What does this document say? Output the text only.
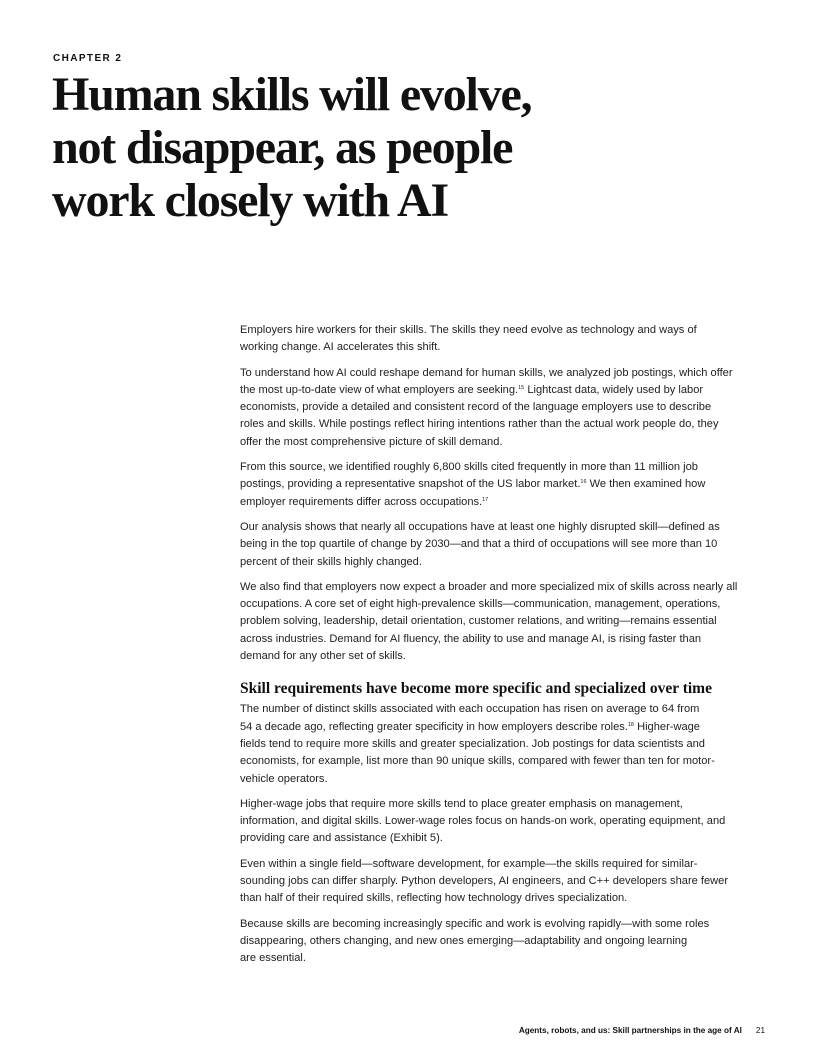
CHAPTER 2
Human skills will evolve,
not disappear, as people
work closely with AI

Employers hire workers for their skills. The skills they need evolve as technology and ways of
working change. AI accelerates this shift.

To understand how AI could reshape demand for human skills, we analyzed job postings, which offer
the most up-to-date view of what employers are seeking.$^{15}$ Lightcast data, widely used by labor
economists, provide a detailed and consistent record of the language employers use to describe
roles and skills. While postings reflect hiring intentions rather than the actual work people do, they
offer the most comprehensive picture of skill demand.

From this source, we identified roughly 6,800 skills cited frequently in more than 11 million job
postings, providing a representative snapshot of the US labor market.$^{16}$ We then examined how
employer requirements differ across occupations.$^{17}$

Our analysis shows that nearly all occupations have at least one highly disrupted skill—defined as
being in the top quartile of change by 2030—and that a third of occupations will see more than 10
percent of their skills highly changed.

We also find that employers now expect a broader and more specialized mix of skills across nearly all
occupations. A core set of eight high-prevalence skills—communication, management, operations,
problem solving, leadership, detail orientation, customer relations, and writing—remains essential
across industries. Demand for AI fluency, the ability to use and manage AI, is rising faster than
demand for any other set of skills.

Skill requirements have become more specific and specialized over time

The number of distinct skills associated with each occupation has risen on average to 64 from
54 a decade ago, reflecting greater specificity in how employers describe roles.$^{18}$ Higher-wage
fields tend to require more skills and greater specialization. Job postings for data scientists and
economists, for example, list more than 90 unique skills, compared with fewer than ten for motor-
vehicle operators.

Higher-wage jobs that require more skills tend to place greater emphasis on management,
information, and digital skills. Lower-wage roles focus on hands-on work, operating equipment, and
providing care and assistance (Exhibit 5).

Even within a single field—software development, for example—the skills required for similar-
sounding jobs can differ sharply. Python developers, AI engineers, and C++ developers share fewer
than half of their required skills, reflecting how technology drives specialization.

Because skills are becoming increasingly specific and work is evolving rapidly—with some roles
disappearing, others changing, and new ones emerging—adaptability and ongoing learning
are essential.

Agents, robots, and us: Skill partnerships in the age of AI 21
